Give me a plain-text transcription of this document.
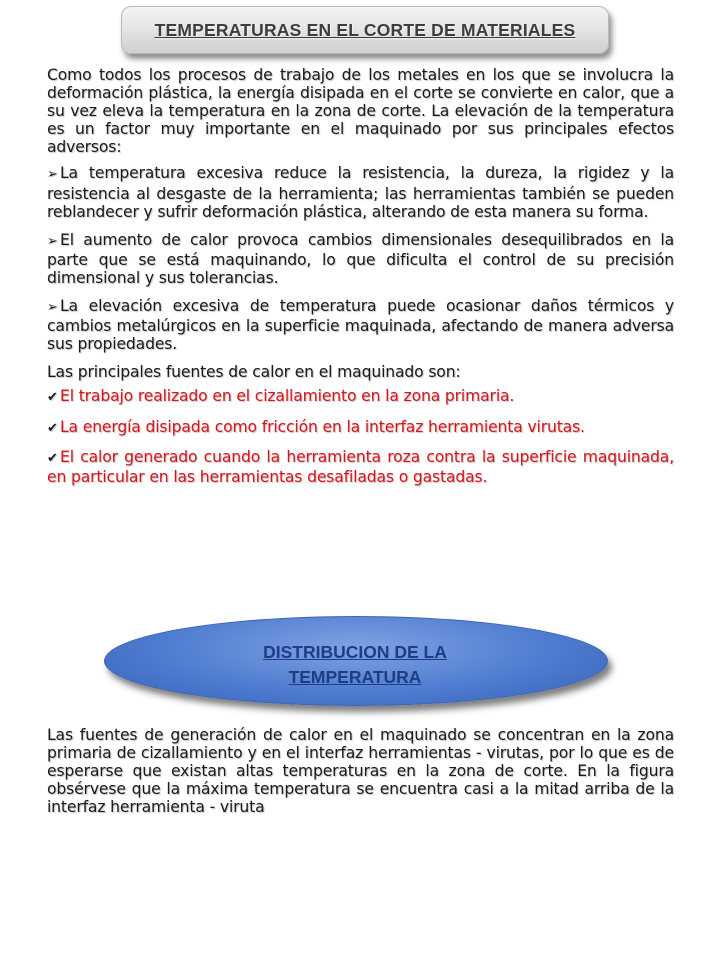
TEMPERATURAS EN EL CORTE DE MATERIALES

Como todos los procesos de trabajo de los metales en los que se involucra la deformación plástica, la energía disipada en el corte se convierte en calor, que a su vez eleva la temperatura en la zona de corte. La elevación de la temperatura es un factor muy importante en el maquinado por sus principales efectos adversos:

➢ La temperatura excesiva reduce la resistencia, la dureza, la rigidez y la resistencia al desgaste de la herramienta; las herramientas también se pueden reblandecer y sufrir deformación plástica, alterando de esta manera su forma.
➢ El aumento de calor provoca cambios dimensionales desequilibrados en la parte que se está maquinando, lo que dificulta el control de su precisión dimensional y sus tolerancias.
➢ La elevación excesiva de temperatura puede ocasionar daños térmicos y cambios metalúrgicos en la superficie maquinada, afectando de manera adversa sus propiedades.

Las principales fuentes de calor en el maquinado son:

✔ El trabajo realizado en el cizallamiento en la zona primaria.
✔ La energía disipada como fricción en la interfaz herramienta virutas.
✔ El calor generado cuando la herramienta roza contra la superficie maquinada, en particular en las herramientas desafiladas o gastadas.
DISTRIBUCION DE LA
TEMPERATURA

Las fuentes de generación de calor en el maquinado se concentran en la zona primaria de cizallamiento y en el interfaz herramientas - virutas, por lo que es de esperarse que existan altas temperaturas en la zona de corte. En la figura obsérvese que la máxima temperatura se encuentra casi a la mitad arriba de la interfaz herramienta - viruta
